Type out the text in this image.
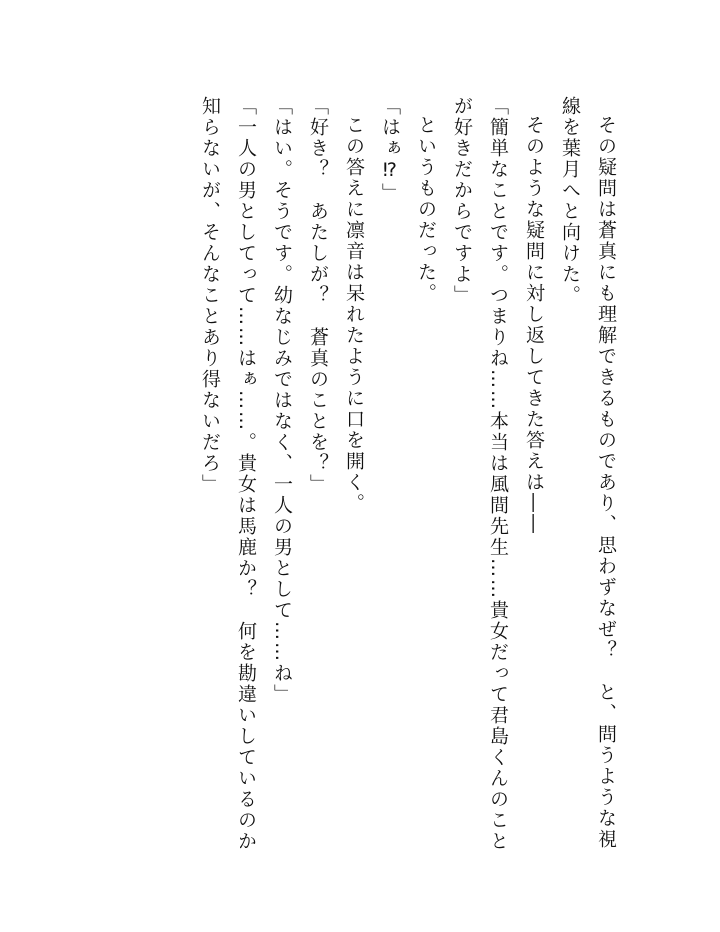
その疑問は蒼真にも理解できるものであり、思わずなぜ？　と、問うような視線を葉月へと向けた。

そのような疑問に対し返してきた答えは――

「簡単なことです。つまりね……本当は風間先生……貴女だって君島くんのことが好きだからですよ」

というものだった。

「はぁ⁉」

この答えに凛音は呆れたように口を開く。

「好き？　あたしが？　蒼真のことを？」

「はい。そうです。幼なじみではなく、一人の男として……ね」

「一人の男としてって……はぁ……。貴女は馬鹿か？　何を勘違いしているのか知らないが、そんなことあり得ないだろ」
